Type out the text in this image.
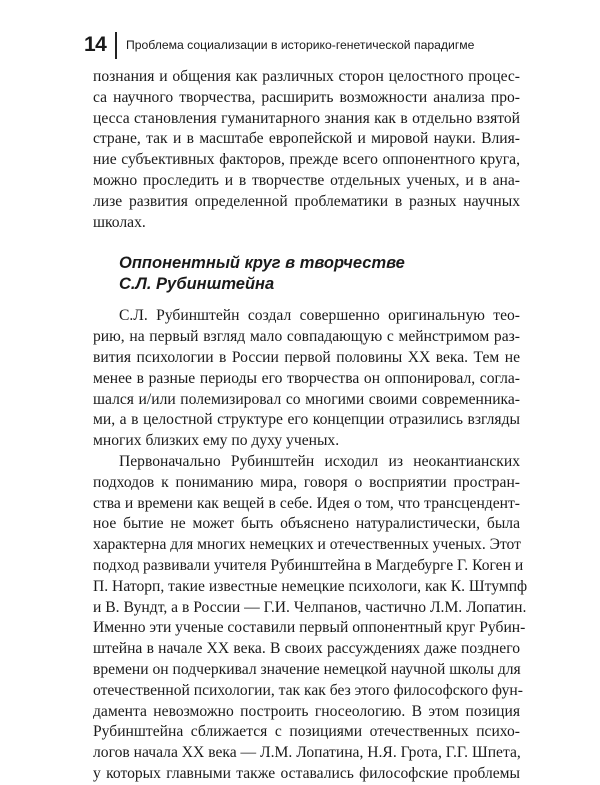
14	Проблема социализации в историко-генетической парадигме
познания и общения как различных сторон целостного процес-
са научного творчества, расширить возможности анализа про-
цесса становления гуманитарного знания как в отдельно взятой
стране, так и в масштабе европейской и мировой науки. Влия-
ние субъективных факторов, прежде всего оппонентного круга,
можно проследить и в творчестве отдельных ученых, и в ана-
лизе развития определенной проблематики в разных научных
школах.
Оппонентный круг в творчестве
С.Л. Рубинштейна
С.Л. Рубинштейн создал совершенно оригинальную тео-
рию, на первый взгляд мало совпадающую с мейнстримом раз-
вития психологии в России первой половины XX века. Тем не
менее в разные периоды его творчества он оппонировал, согла-
шался и/или полемизировал со многими своими современника-
ми, а в целостной структуре его концепции отразились взгляды
многих близких ему по духу ученых.
Первоначально Рубинштейн исходил из неокантианских
подходов к пониманию мира, говоря о восприятии простран-
ства и времени как вещей в себе. Идея о том, что трансцендент-
ное бытие не может быть объяснено натуралистически, была
характерна для многих немецких и отечественных ученых. Этот
подход развивали учителя Рубинштейна в Магдебурге Г. Коген и
П. Наторп, такие известные немецкие психологи, как К. Штумпф
и В. Вундт, а в России — Г.И. Челпанов, частично Л.М. Лопатин.
Именно эти ученые составили первый оппонентный круг Рубин-
штейна в начале XX века. В своих рассуждениях даже позднего
времени он подчеркивал значение немецкой научной школы для
отечественной психологии, так как без этого философского фун-
дамента невозможно построить гносеологию. В этом позиция
Рубинштейна сближается с позициями отечественных психо-
логов начала XX века — Л.М. Лопатина, Н.Я. Грота, Г.Г. Шпета,
у которых главными также оставались философские проблемы
